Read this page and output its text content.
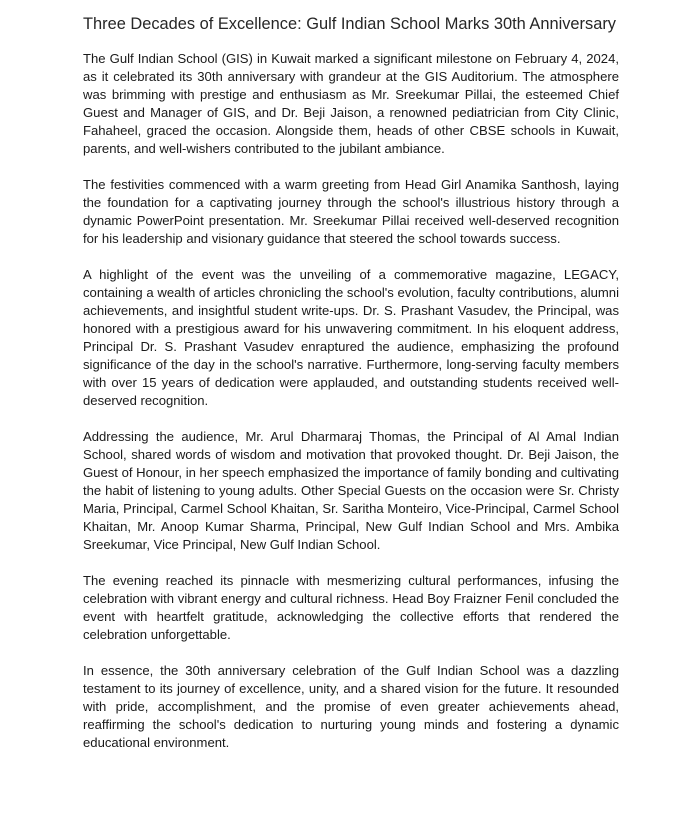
Three Decades of Excellence: Gulf Indian School Marks 30th Anniversary

The Gulf Indian School (GIS) in Kuwait marked a significant milestone on February 4, 2024, as it celebrated its 30th anniversary with grandeur at the GIS Auditorium. The atmosphere was brimming with prestige and enthusiasm as Mr. Sreekumar Pillai, the esteemed Chief Guest and Manager of GIS, and Dr. Beji Jaison, a renowned pediatrician from City Clinic, Fahaheel, graced the occasion. Alongside them, heads of other CBSE schools in Kuwait, parents, and well-wishers contributed to the jubilant ambiance.

The festivities commenced with a warm greeting from Head Girl Anamika Santhosh, laying the foundation for a captivating journey through the school's illustrious history through a dynamic PowerPoint presentation. Mr. Sreekumar Pillai received well-deserved recognition for his leadership and visionary guidance that steered the school towards success.

A highlight of the event was the unveiling of a commemorative magazine, LEGACY, containing a wealth of articles chronicling the school's evolution, faculty contributions, alumni achievements, and insightful student write-ups. Dr. S. Prashant Vasudev, the Principal, was honored with a prestigious award for his unwavering commitment. In his eloquent address, Principal Dr. S. Prashant Vasudev enraptured the audience, emphasizing the profound significance of the day in the school's narrative. Furthermore, long-serving faculty members with over 15 years of dedication were applauded, and outstanding students received well-deserved recognition.

Addressing the audience, Mr. Arul Dharmaraj Thomas, the Principal of Al Amal Indian School, shared words of wisdom and motivation that provoked thought. Dr. Beji Jaison, the Guest of Honour, in her speech emphasized the importance of family bonding and cultivating the habit of listening to young adults. Other Special Guests on the occasion were Sr. Christy Maria, Principal, Carmel School Khaitan, Sr. Saritha Monteiro, Vice-Principal, Carmel School Khaitan, Mr. Anoop Kumar Sharma, Principal, New Gulf Indian School and Mrs. Ambika Sreekumar, Vice Principal, New Gulf Indian School.

The evening reached its pinnacle with mesmerizing cultural performances, infusing the celebration with vibrant energy and cultural richness. Head Boy Fraizner Fenil concluded the event with heartfelt gratitude, acknowledging the collective efforts that rendered the celebration unforgettable.

In essence, the 30th anniversary celebration of the Gulf Indian School was a dazzling testament to its journey of excellence, unity, and a shared vision for the future. It resounded with pride, accomplishment, and the promise of even greater achievements ahead, reaffirming the school's dedication to nurturing young minds and fostering a dynamic educational environment.
